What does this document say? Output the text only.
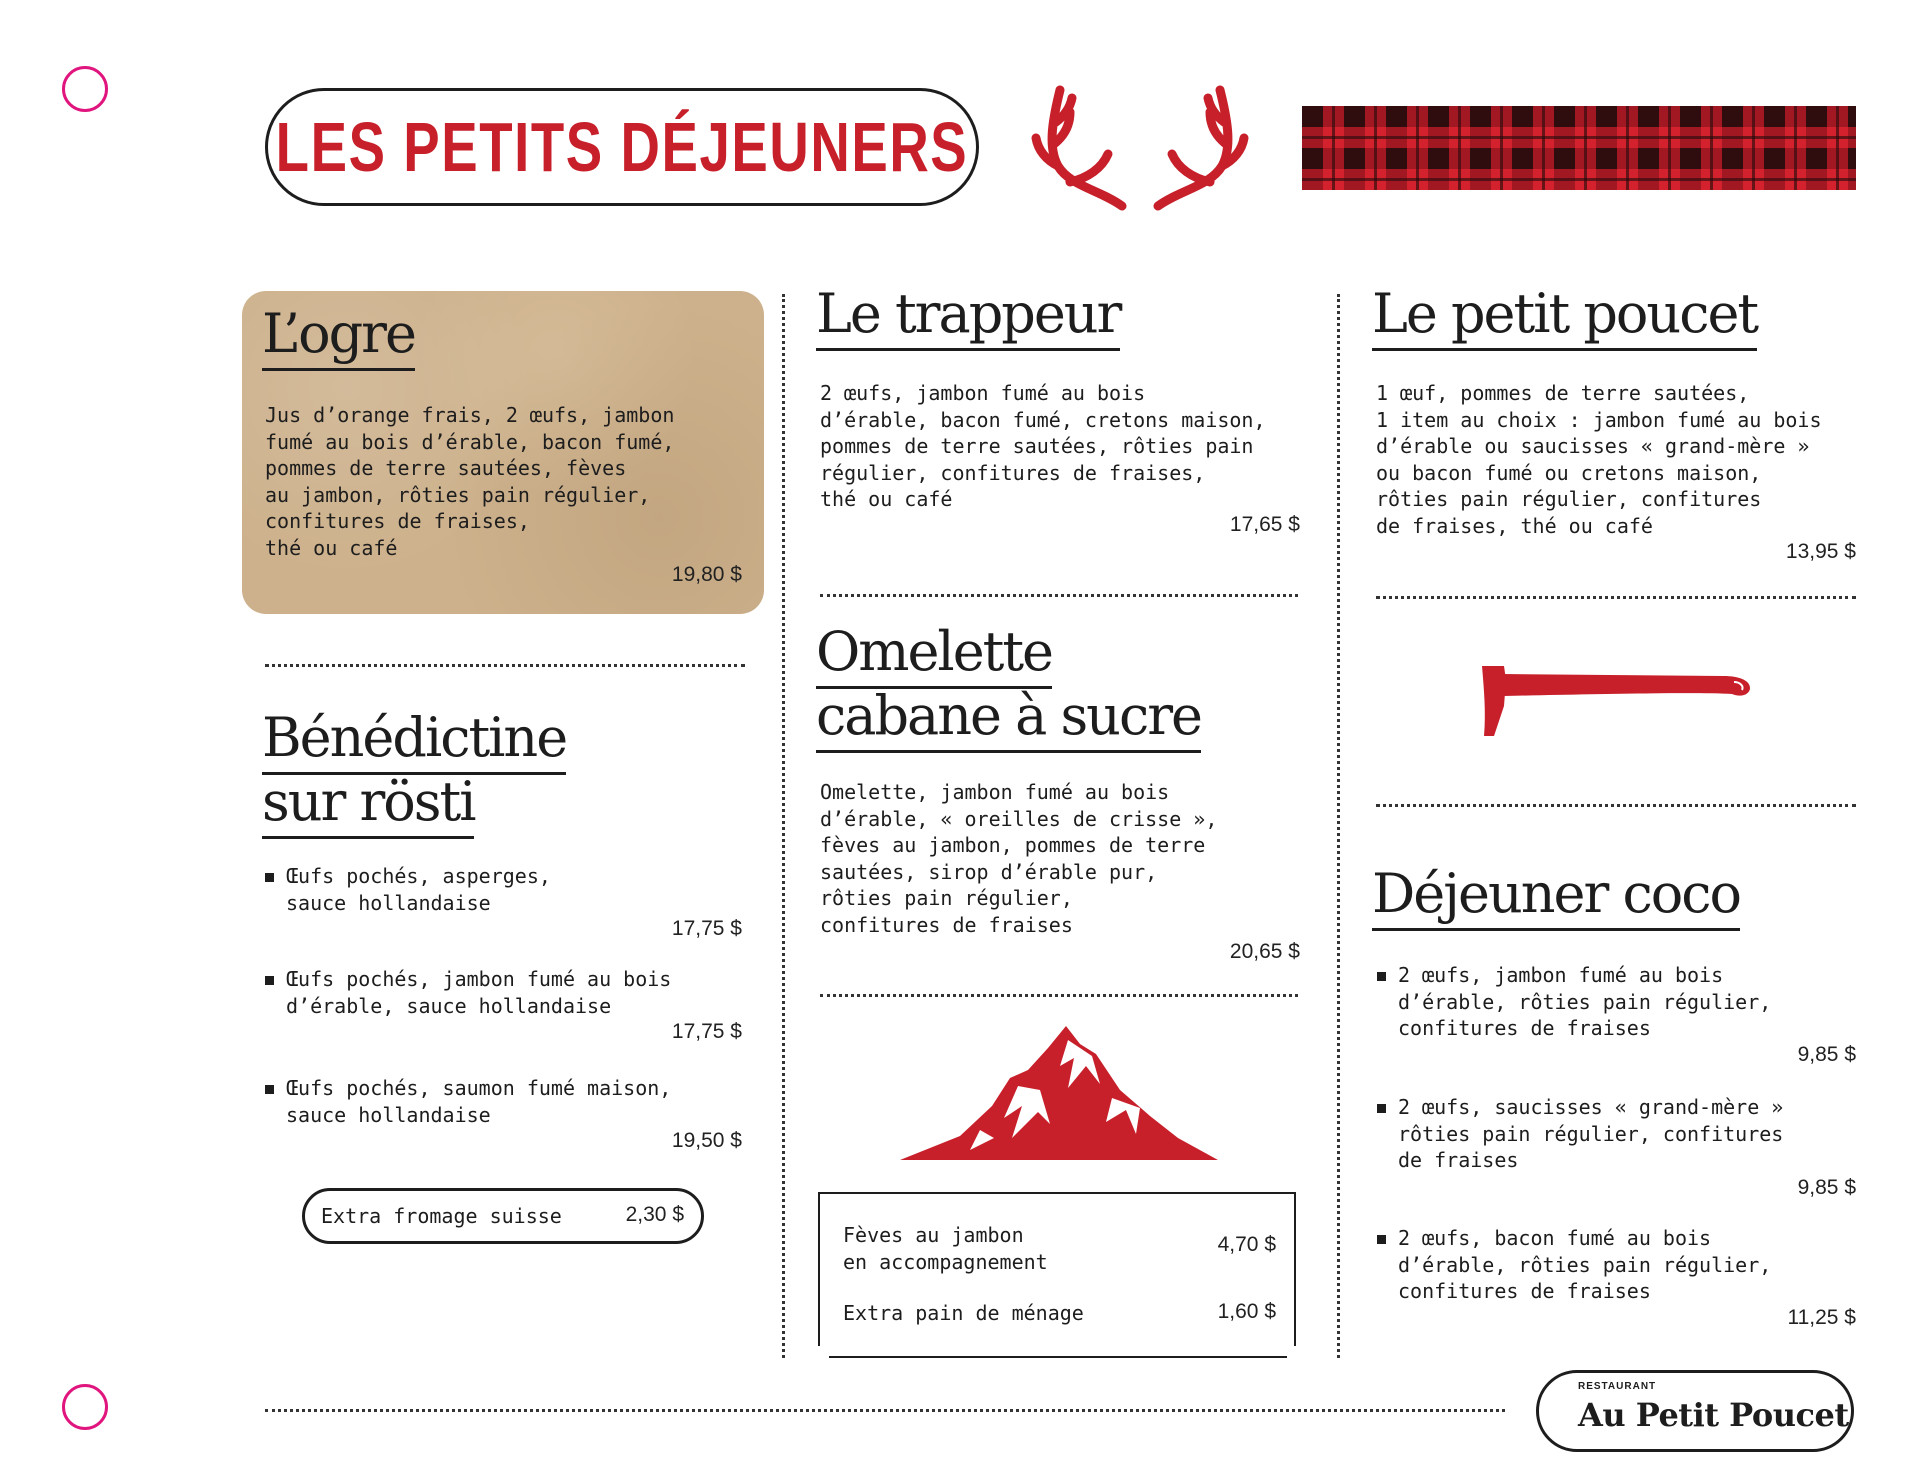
LES PETITS DÉJEUNERS
L’ogre
Jus d’orange frais, 2 œufs, jambon
fumé au bois d’érable, bacon fumé,
pommes de terre sautées, fèves
au jambon, rôties pain régulier,
confitures de fraises,
thé ou café
19,80 $
Bénédictine
sur rösti
Œufs pochés, asperges,
sauce hollandaise
17,75 $
Œufs pochés, jambon fumé au bois
d’érable, sauce hollandaise
17,75 $
Œufs pochés, saumon fumé maison,
sauce hollandaise
19,50 $
Extra fromage suisse	2,30 $
Le trappeur
2 œufs, jambon fumé au bois
d’érable, bacon fumé, cretons maison,
pommes de terre sautées, rôties pain
régulier, confitures de fraises,
thé ou café
17,65 $
Omelette
cabane à sucre
Omelette, jambon fumé au bois
d’érable, « oreilles de crisse »,
fèves au jambon, pommes de terre
sautées, sirop d’érable pur,
rôties pain régulier,
confitures de fraises
20,65 $
Fèves au jambon
en accompagnement
4,70 $
Extra pain de ménage	1,60 $
Le petit poucet
1 œuf, pommes de terre sautées,
1 item au choix : jambon fumé au bois
d’érable ou saucisses « grand-mère »
ou bacon fumé ou cretons maison,
rôties pain régulier, confitures
de fraises, thé ou café
13,95 $
Déjeuner coco
2 œufs, jambon fumé au bois
d’érable, rôties pain régulier,
confitures de fraises
9,85 $
2 œufs, saucisses « grand-mère »
rôties pain régulier, confitures
de fraises
9,85 $
2 œufs, bacon fumé au bois
d’érable, rôties pain régulier,
confitures de fraises
11,25 $
RESTAURANT
Au Petit Poucet
